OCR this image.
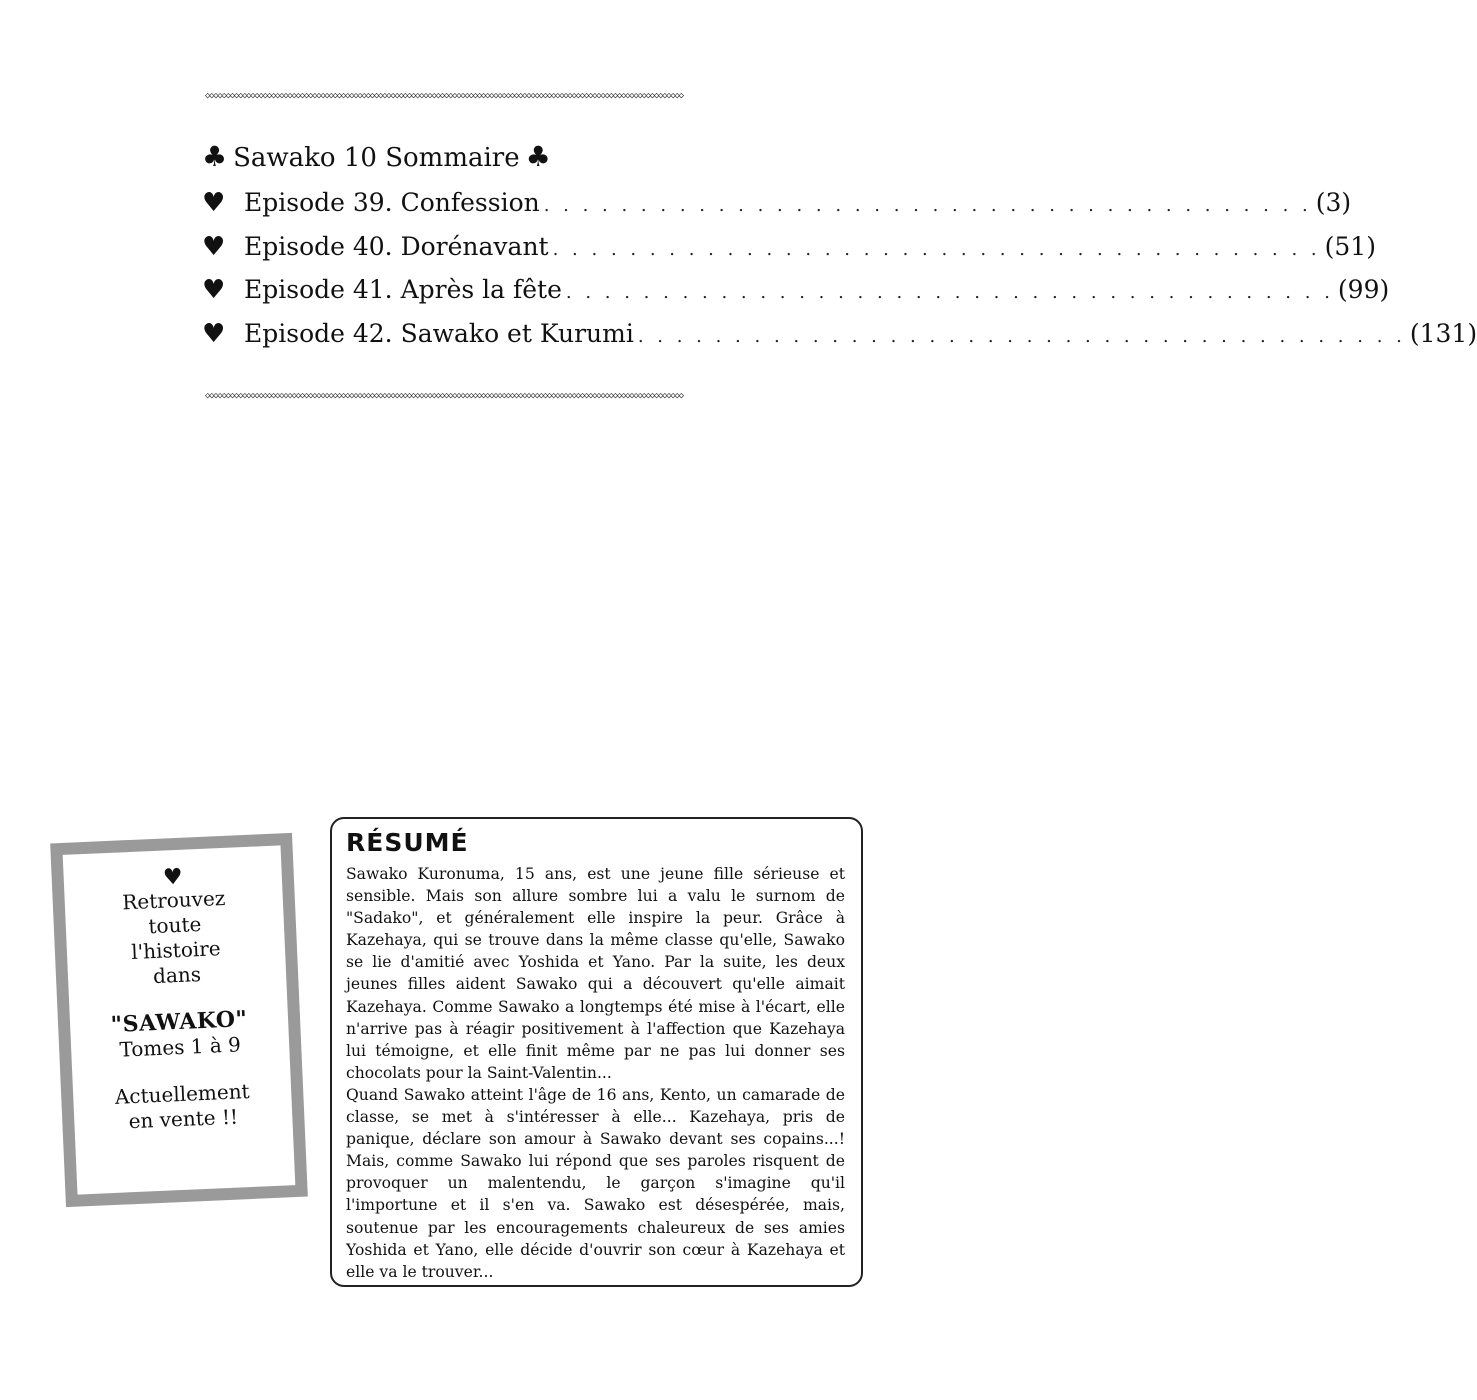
◇◇◇◇◇◇◇◇◇◇◇◇◇◇◇◇◇◇◇◇◇◇◇◇◇◇◇◇◇◇◇◇◇◇◇◇◇◇◇◇◇◇◇◇◇◇◇◇◇◇◇◇◇◇◇◇◇◇◇◇◇◇◇◇◇◇◇◇◇◇◇◇◇◇◇◇◇◇◇◇◇◇◇◇◇◇◇◇◇◇◇◇◇◇◇◇◇◇◇◇◇◇◇◇◇◇◇◇◇◇◇◇◇◇◇◇
♣ Sawako 10 Sommaire ♣
♥ Episode 39. Confession . . . . . . . . . . . . . . . . . . . . . . . . . . . . . . . . . . . . . . . . (3)
♥ Episode 40. Dorénavant . . . . . . . . . . . . . . . . . . . . . . . . . . . . . . . . . . . . . . . . (51)
♥ Episode 41. Après la fête . . . . . . . . . . . . . . . . . . . . . . . . . . . . . . . . . . . . . . . . (99)
♥ Episode 42. Sawako et Kurumi . . . . . . . . . . . . . . . . . . . . . . . . . . . . . . . . . . . . . . . . (131)
◇◇◇◇◇◇◇◇◇◇◇◇◇◇◇◇◇◇◇◇◇◇◇◇◇◇◇◇◇◇◇◇◇◇◇◇◇◇◇◇◇◇◇◇◇◇◇◇◇◇◇◇◇◇◇◇◇◇◇◇◇◇◇◇◇◇◇◇◇◇◇◇◇◇◇◇◇◇◇◇◇◇◇◇◇◇◇◇◇◇◇◇◇◇◇◇◇◇◇◇◇◇◇◇◇◇◇◇◇◇◇◇◇◇◇◇
♥
Retrouvez
toute
l'histoire
dans
"SAWAKO"
Tomes 1 à 9
Actuellement
en vente !!
RÉSUMÉ

Sawako Kuronuma, 15 ans, est une jeune fille sérieuse et sensible. Mais son allure sombre lui a valu le surnom de "Sadako", et généralement elle inspire la peur. Grâce à Kazehaya, qui se trouve dans la même classe qu'elle, Sawako se lie d'amitié avec Yoshida et Yano. Par la suite, les deux jeunes filles aident Sawako qui a découvert qu'elle aimait Kazehaya. Comme Sawako a longtemps été mise à l'écart, elle n'arrive pas à réagir positivement à l'affection que Kazehaya lui témoigne, et elle finit même par ne pas lui donner ses chocolats pour la Saint-Valentin...

Quand Sawako atteint l'âge de 16 ans, Kento, un camarade de classe, se met à s'intéresser à elle... Kazehaya, pris de panique, déclare son amour à Sawako devant ses copains...! Mais, comme Sawako lui répond que ses paroles risquent de provoquer un malentendu, le garçon s'imagine qu'il l'importune et il s'en va. Sawako est désespérée, mais, soutenue par les encouragements chaleureux de ses amies Yoshida et Yano, elle décide d'ouvrir son cœur à Kazehaya et elle va le trouver...
